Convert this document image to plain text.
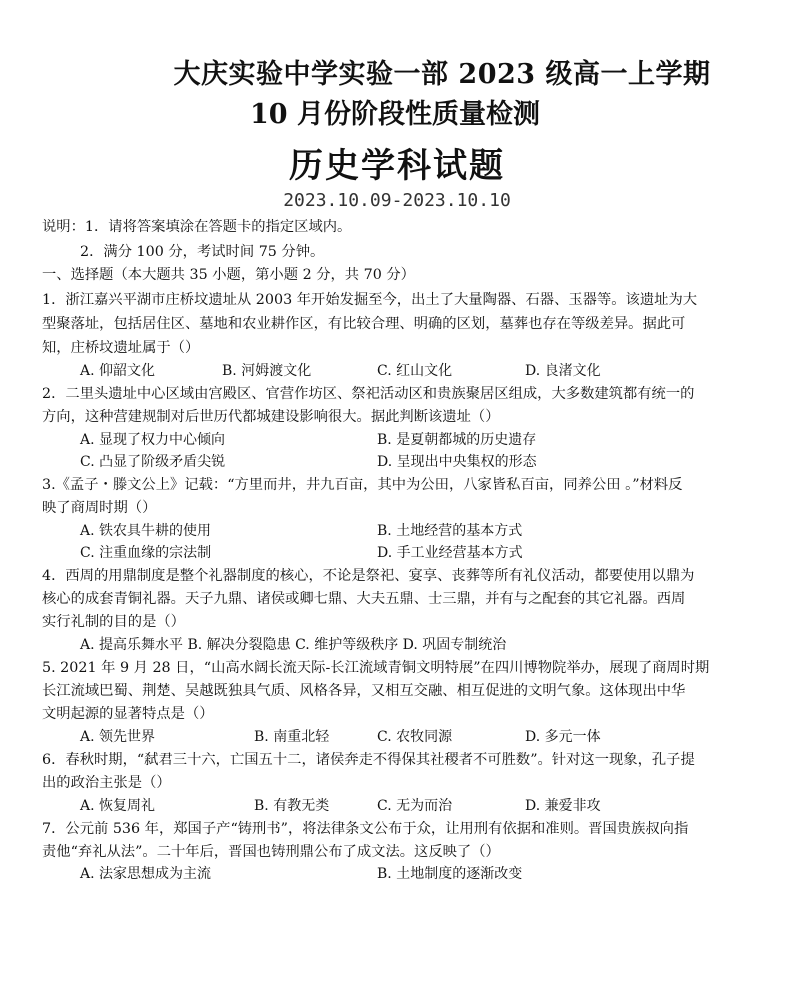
大庆实验中学实验一部 2023 级高一上学期
10 月份阶段性质量检测
历史学科试题
2023.10.09-2023.10.10
说明：1．请将答案填涂在答题卡的指定区域内。
2．满分 100 分，考试时间 75 分钟。
一、选择题（本大题共 35 小题，第小题 2 分，共 70 分）
1．浙江嘉兴平湖市庄桥坟遗址从 2003 年开始发掘至今，出土了大量陶器、石器、玉器等。该遗址为大
型聚落址，包括居住区、墓地和农业耕作区，有比较合理、明确的区划，墓葬也存在等级差异。据此可
知，庄桥坟遗址属于（）
A. 仰韶文化	B. 河姆渡文化	C. 红山文化	D. 良渚文化
2．二里头遗址中心区域由宫殿区、官营作坊区、祭祀活动区和贵族聚居区组成，大多数建筑都有统一的
方向，这种营建规制对后世历代都城建设影响很大。据此判断该遗址（）
A. 显现了权力中心倾向	B. 是夏朝都城的历史遗存
C. 凸显了阶级矛盾尖锐	D. 呈现出中央集权的形态
3.《孟子・滕文公上》记载：“方里而井，井九百亩，其中为公田，八家皆私百亩，同养公田 。”材料反
映了商周时期（）
A. 铁农具牛耕的使用	B. 土地经营的基本方式
C. 注重血缘的宗法制	D. 手工业经营基本方式
4．西周的用鼎制度是整个礼器制度的核心，不论是祭祀、宴享、丧葬等所有礼仪活动，都要使用以鼎为
核心的成套青铜礼器。天子九鼎、诸侯或卿七鼎、大夫五鼎、士三鼎，并有与之配套的其它礼器。西周
实行礼制的目的是（）
A. 提高乐舞水平 B. 解决分裂隐患 C. 维护等级秩序 D. 巩固专制统治
5. 2021 年 9 月 28 日，“山高水阔长流天际-长江流域青铜文明特展”在四川博物院举办，展现了商周时期
长江流域巴蜀、荆楚、吴越既独具气质、风格各异，又相互交融、相互促进的文明气象。这体现出中华
文明起源的显著特点是（）
A. 领先世界	B. 南重北轻	C. 农牧同源	D. 多元一体
6．春秋时期，“弑君三十六，亡国五十二，诸侯奔走不得保其社稷者不可胜数”。针对这一现象，孔子提
出的政治主张是（）
A. 恢复周礼	B. 有教无类	C. 无为而治	D. 兼爱非攻
7．公元前 536 年，郑国子产“铸刑书”，将法律条文公布于众，让用刑有依据和准则。晋国贵族叔向指
责他“弃礼从法”。二十年后，晋国也铸刑鼎公布了成文法。这反映了（）
A. 法家思想成为主流	B. 土地制度的逐渐改变
